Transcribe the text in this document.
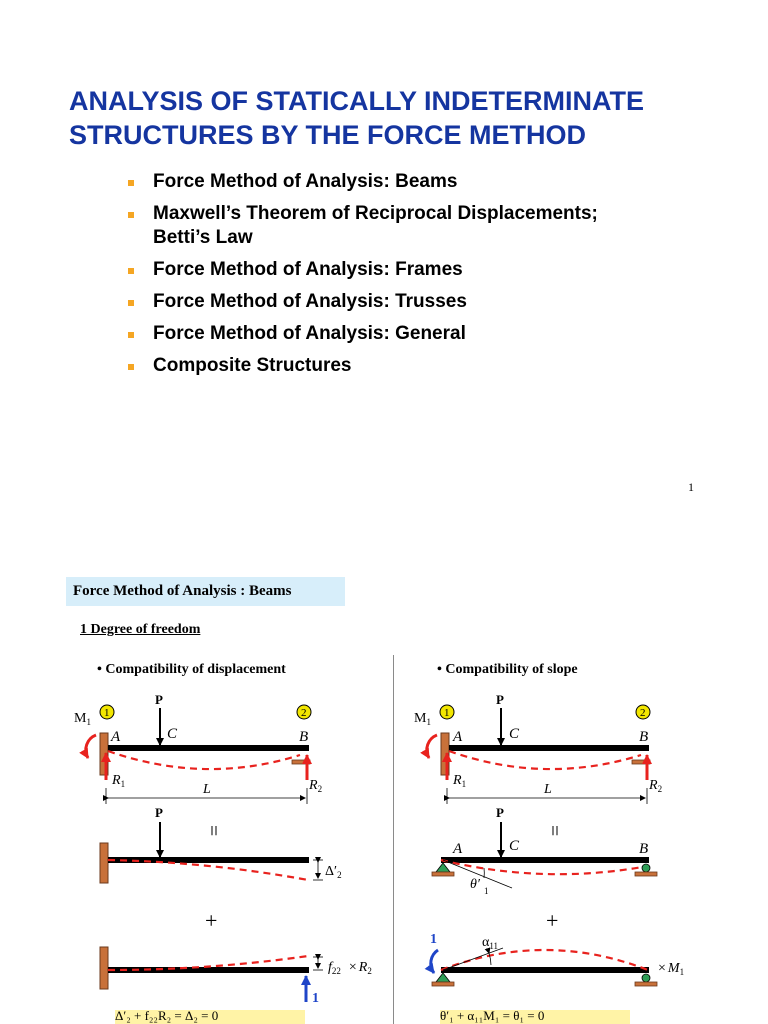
ANALYSIS OF STATICALLY INDETERMINATE
STRUCTURES BY THE FORCE METHOD
Force Method of Analysis: Beams
Maxwell’s Theorem of Reciprocal Displacements; Betti’s Law
Force Method of Analysis: Frames
Force Method of Analysis: Trusses
Force Method of Analysis: General
Composite Structures
1
Force Method of Analysis : Beams
1 Degree of freedom
• Compatibility of displacement	• Compatibility of slope
P
C
A	B
1	2
$M_1$
$R_1$	$R_2$
L
P
=
$\Delta'_2$
+
$f_{22} \times R_2$
1
P
C
A	B
1	2
$M_1$
$R_1$	$R_2$
L
P
=
A	C	B
θ′ $_1$
+
$\alpha_{11}$
1
× $M_1$
Δ′₂ + f₂₂R₂ = Δ₂ = 0	θ′₁ + α₁₁M₁ = θ₁ = 0
